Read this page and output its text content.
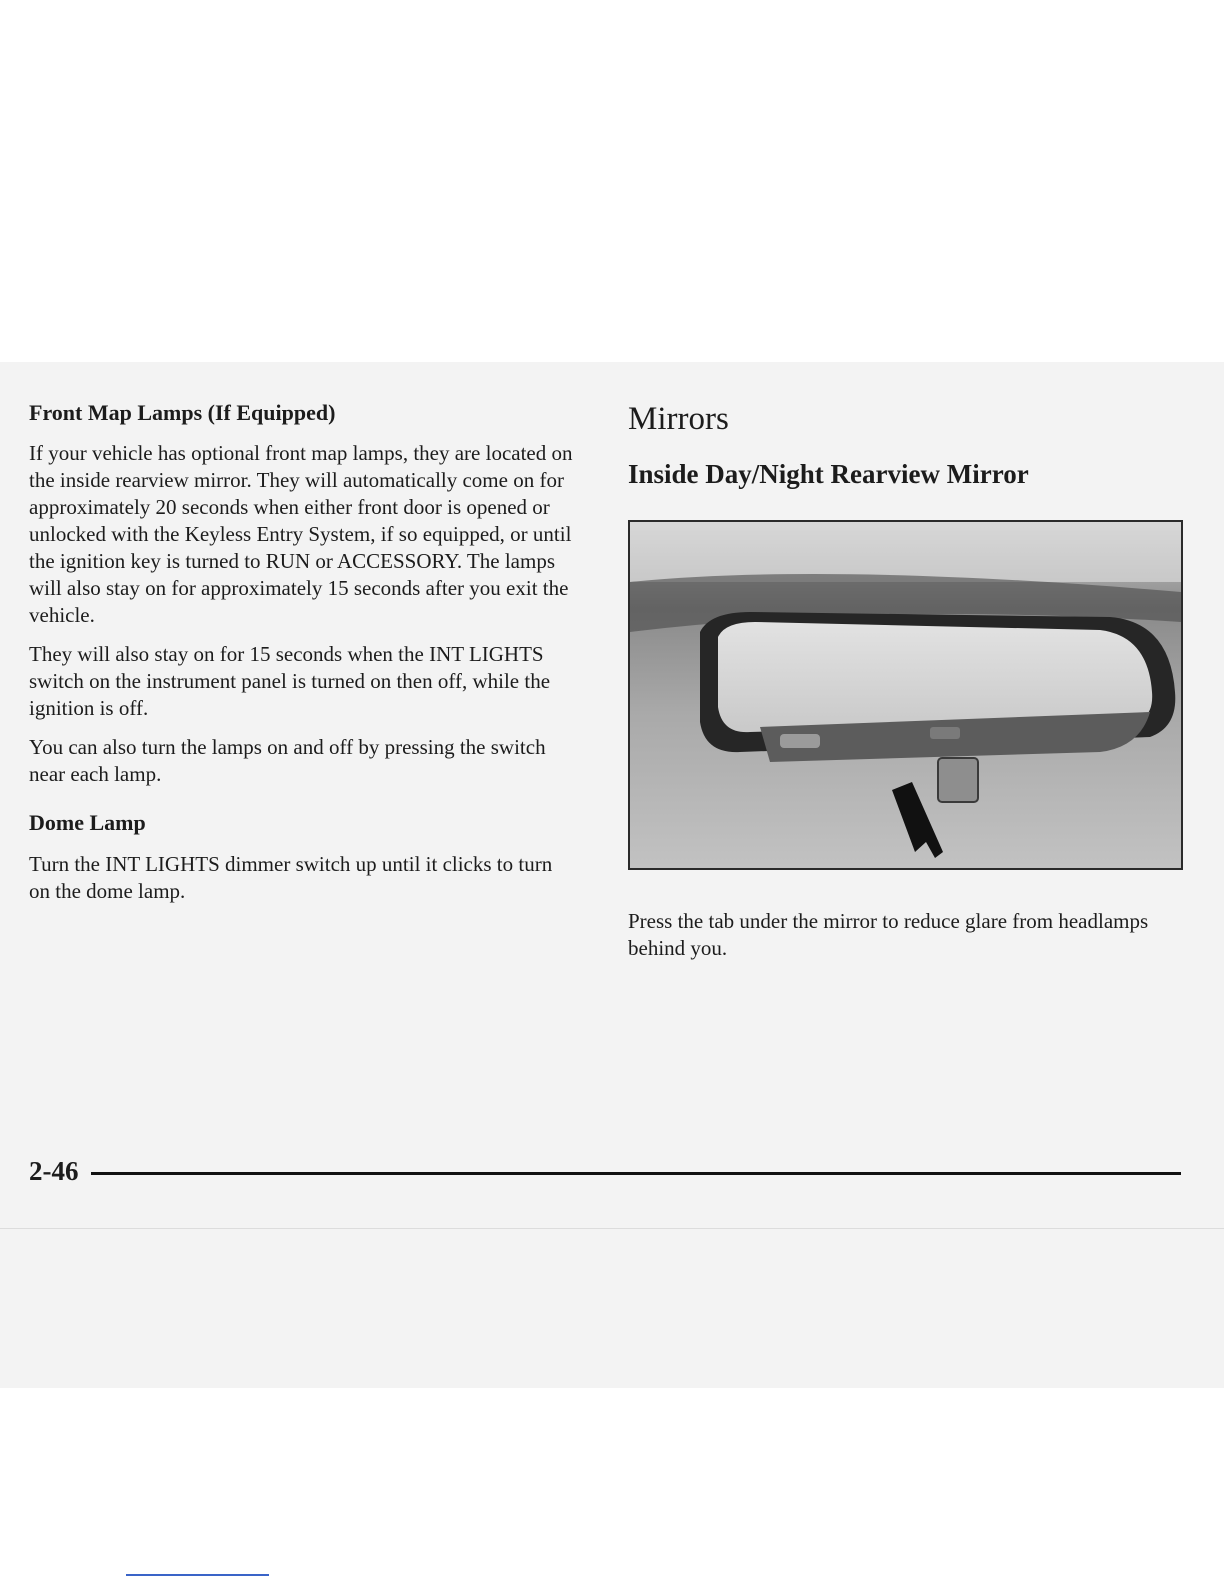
Front Map Lamps (If Equipped)

If your vehicle has optional front map lamps, they are located on the inside rearview mirror. They will automatically come on for approximately 20 seconds when either front door is opened or unlocked with the Keyless Entry System, if so equipped, or until the ignition key is turned to RUN or ACCESSORY. The lamps will also stay on for approximately 15 seconds after you exit the vehicle.

They will also stay on for 15 seconds when the INT LIGHTS switch on the instrument panel is turned on then off, while the ignition is off.

You can also turn the lamps on and off by pressing the switch near each lamp.

Dome Lamp

Turn the INT LIGHTS dimmer switch up until it clicks to turn on the dome lamp.

Mirrors
Inside Day/Night Rearview Mirror

Press the tab under the mirror to reduce glare from headlamps behind you.

2-46
